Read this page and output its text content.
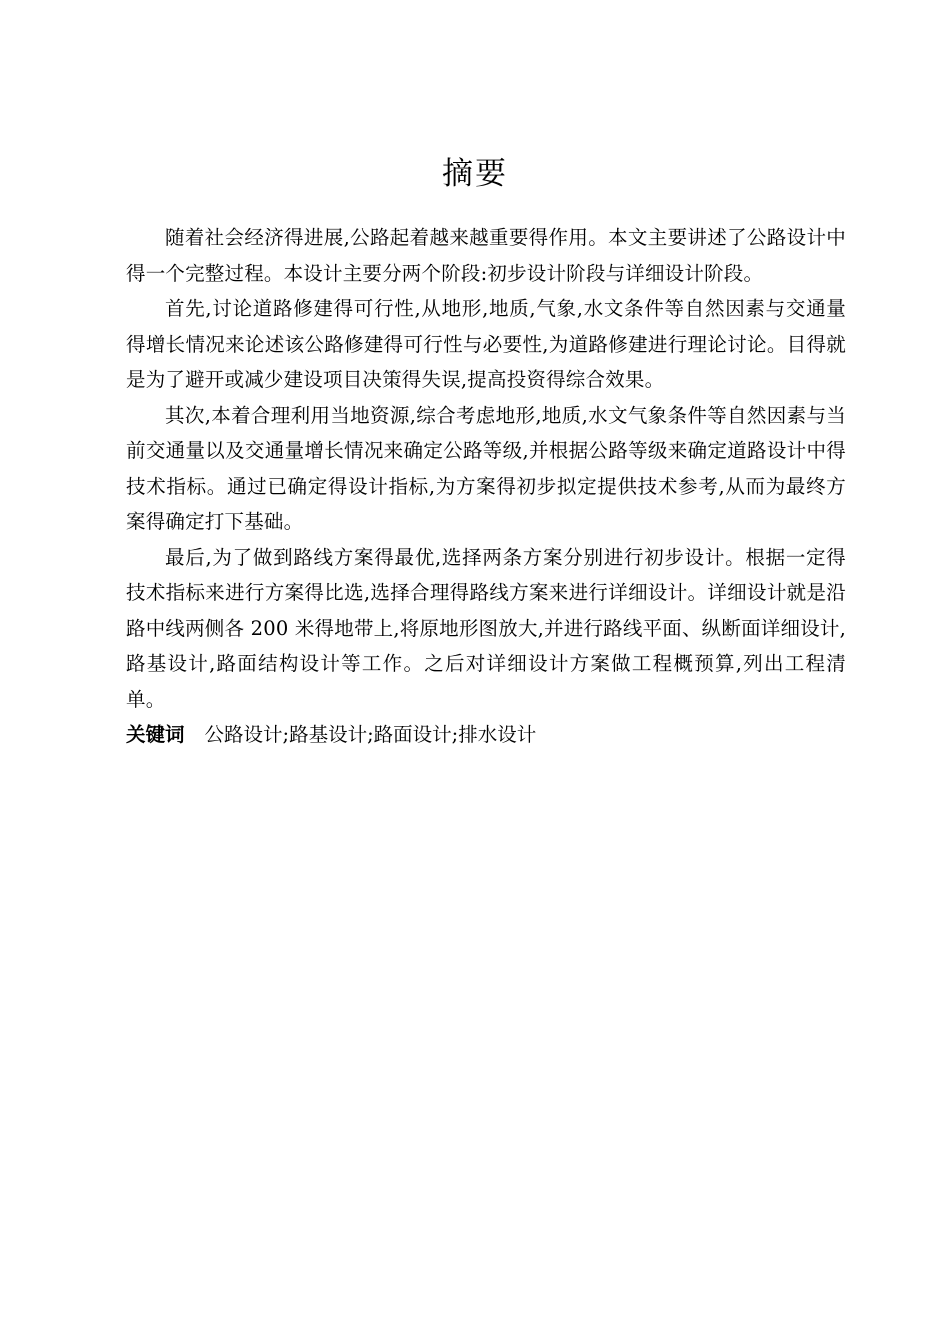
摘要

随着社会经济得进展,公路起着越来越重要得作用。本文主要讲述了公路设计中得一个完整过程。本设计主要分两个阶段:初步设计阶段与详细设计阶段。

首先,讨论道路修建得可行性,从地形,地质,气象,水文条件等自然因素与交通量得增长情况来论述该公路修建得可行性与必要性,为道路修建进行理论讨论。目得就是为了避开或减少建设项目决策得失误,提高投资得综合效果。

其次,本着合理利用当地资源,综合考虑地形,地质,水文气象条件等自然因素与当前交通量以及交通量增长情况来确定公路等级,并根据公路等级来确定道路设计中得技术指标。通过已确定得设计指标,为方案得初步拟定提供技术参考,从而为最终方案得确定打下基础。

最后,为了做到路线方案得最优,选择两条方案分别进行初步设计。根据一定得技术指标来进行方案得比选,选择合理得路线方案来进行详细设计。详细设计就是沿路中线两侧各 200 米得地带上,将原地形图放大,并进行路线平面、纵断面详细设计,路基设计,路面结构设计等工作。之后对详细设计方案做工程概预算,列出工程清单。

关键词 公路设计;路基设计;路面设计;排水设计
